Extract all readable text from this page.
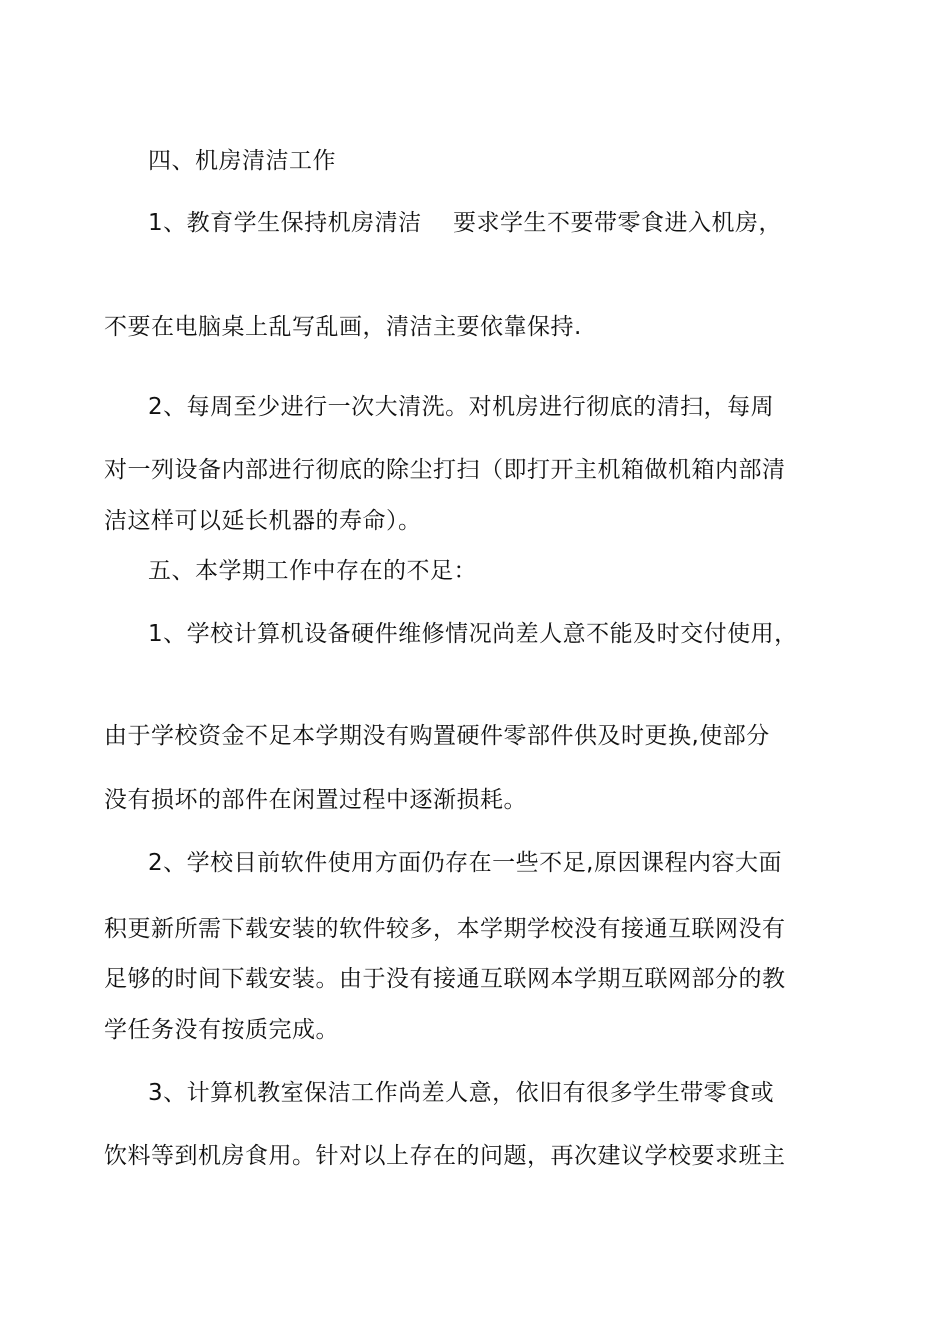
四、机房清洁工作
1、教育学生保持机房清洁　 要求学生不要带零食进入机房，
不要在电脑桌上乱写乱画，清洁主要依靠保持.
2、每周至少进行一次大清洗。对机房进行彻底的清扫，每周
对一列设备内部进行彻底的除尘打扫（即打开主机箱做机箱内部清
洁这样可以延长机器的寿命）。
五、本学期工作中存在的不足：
1、学校计算机设备硬件维修情况尚差人意不能及时交付使用，
由于学校资金不足本学期没有购置硬件零部件供及时更换,使部分
没有损坏的部件在闲置过程中逐渐损耗。
2、学校目前软件使用方面仍存在一些不足,原因课程内容大面
积更新所需下载安装的软件较多，本学期学校没有接通互联网没有
足够的时间下载安装。由于没有接通互联网本学期互联网部分的教
学任务没有按质完成。
3、计算机教室保洁工作尚差人意，依旧有很多学生带零食或
饮料等到机房食用。针对以上存在的问题，再次建议学校要求班主
